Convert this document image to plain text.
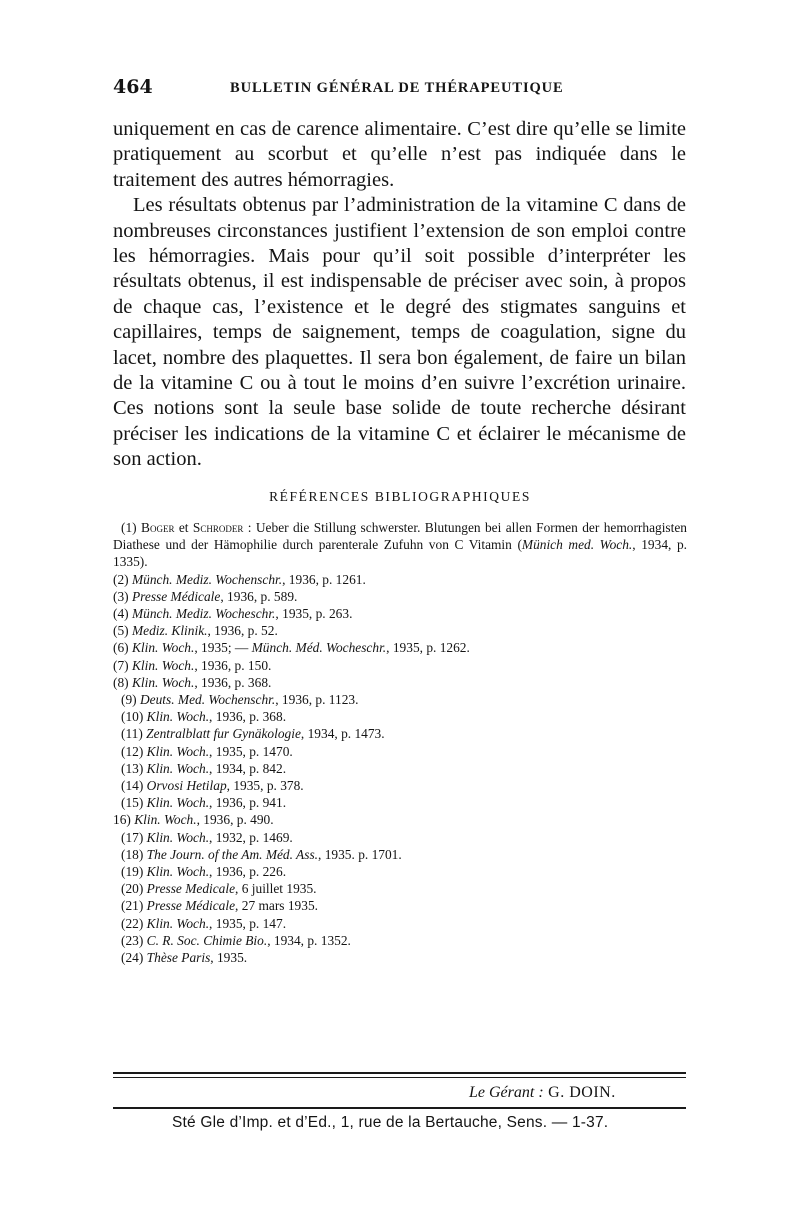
464	BULLETIN GÉNÉRAL DE THÉRAPEUTIQUE

uniquement en cas de carence alimentaire. C’est dire qu’elle se limite pratiquement au scorbut et qu’elle n’est pas indiquée dans le traitement des autres hémorragies.

Les résultats obtenus par l’administration de la vitamine C dans de nombreuses circonstances justifient l’extension de son emploi contre les hémorragies. Mais pour qu’il soit possible d’interpréter les résultats obtenus, il est indispensable de préciser avec soin, à propos de chaque cas, l’existence et le degré des stigmates sanguins et capillaires, temps de saignement, temps de coagulation, signe du lacet, nombre des plaquettes. Il sera bon également, de faire un bilan de la vitamine C ou à tout le moins d’en suivre l’excrétion urinaire. Ces notions sont la seule base solide de toute recherche désirant préciser les indications de la vitamine C et éclairer le mécanisme de son action.

RÉFÉRENCES BIBLIOGRAPHIQUES

(1) Boger et Schroder : Ueber die Stillung schwerster. Blutungen bei allen Formen der hemorrhagisten Diathese und der Hämophilie durch parenterale Zufuhn von C Vitamin (Münich med. Woch., 1934, p. 1335).

(2) Münch. Mediz. Wochenschr., 1936, p. 1261.

(3) Presse Médicale, 1936, p. 589.

(4) Münch. Mediz. Wocheschr., 1935, p. 263.

(5) Mediz. Klinik., 1936, p. 52.

(6) Klin. Woch., 1935; — Münch. Méd. Wocheschr., 1935, p. 1262.

(7) Klin. Woch., 1936, p. 150.

(8) Klin. Woch., 1936, p. 368.

(9) Deuts. Med. Wochenschr., 1936, p. 1123.

(10) Klin. Woch., 1936, p. 368.

(11) Zentralblatt fur Gynäkologie, 1934, p. 1473.

(12) Klin. Woch., 1935, p. 1470.

(13) Klin. Woch., 1934, p. 842.

(14) Orvosi Hetilap, 1935, p. 378.

(15) Klin. Woch., 1936, p. 941.

16) Klin. Woch., 1936, p. 490.

(17) Klin. Woch., 1932, p. 1469.

(18) The Journ. of the Am. Méd. Ass., 1935. p. 1701.

(19) Klin. Woch., 1936, p. 226.

(20) Presse Medicale, 6 juillet 1935.

(21) Presse Médicale, 27 mars 1935.

(22) Klin. Woch., 1935, p. 147.

(23) C. R. Soc. Chimie Bio., 1934, p. 1352.

(24) Thèse Paris, 1935.

Le Gérant : G. DOIN.
Sté Gle d’Imp. et d’Ed., 1, rue de la Bertauche, Sens. — 1-37.
